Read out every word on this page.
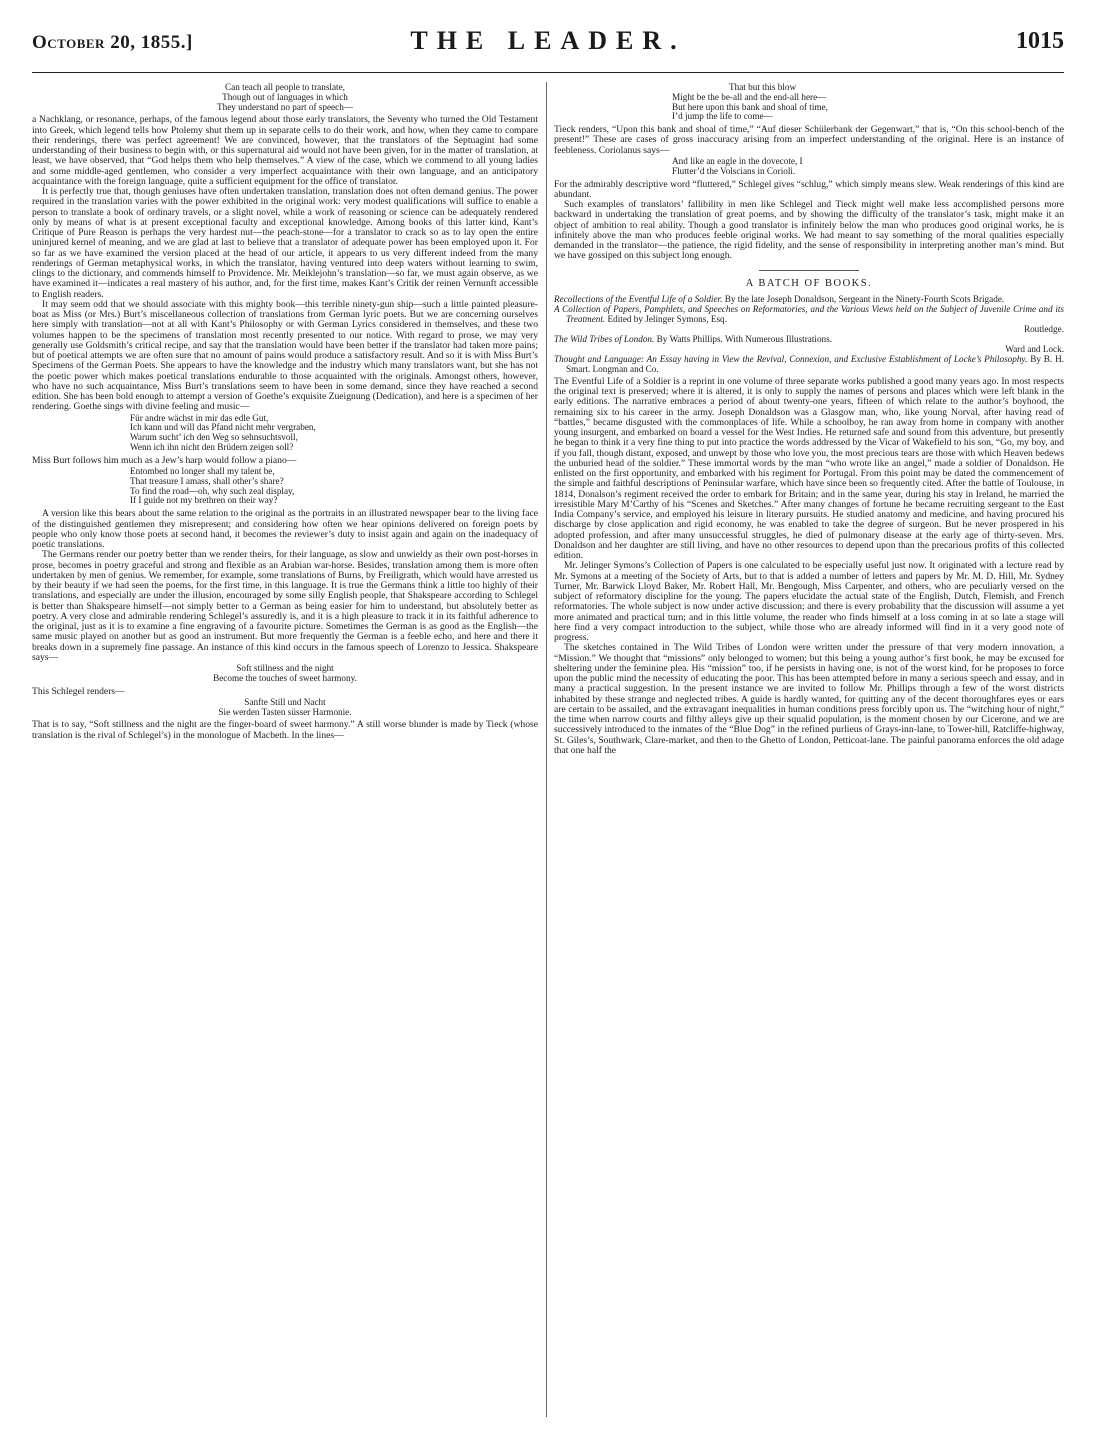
October 20, 1855.]	THE LEADER.	1015
Can teach all people to translate,
Though out of languages in which
They understand no part of speech—

a Nachklang, or resonance, perhaps, of the famous legend about those early translators, the Seventy who turned the Old Testament into Greek, which legend tells how Ptolemy shut them up in separate cells to do their work, and how, when they came to compare their renderings, there was perfect agreement! We are convinced, however, that the translators of the Septuagint had some understanding of their business to begin with, or this supernatural aid would not have been given, for in the matter of translation, at least, we have observed, that “God helps them who help themselves.” A view of the case, which we commend to all young ladies and some middle-aged gentlemen, who consider a very imperfect acquaintance with their own language, and an anticipatory acquaintance with the foreign language, quite a sufficient equipment for the office of translator.

It is perfectly true that, though geniuses have often undertaken translation, translation does not often demand genius. The power required in the translation varies with the power exhibited in the original work: very modest qualifications will suffice to enable a person to translate a book of ordinary travels, or a slight novel, while a work of reasoning or science can be adequately rendered only by means of what is at present exceptional faculty and exceptional knowledge. Among books of this latter kind, Kant’s Critique of Pure Reason is perhaps the very hardest nut—the peach-stone—for a translator to crack so as to lay open the entire uninjured kernel of meaning, and we are glad at last to believe that a translator of adequate power has been employed upon it. For so far as we have examined the version placed at the head of our article, it appears to us very different indeed from the many renderings of German metaphysical works, in which the translator, having ventured into deep waters without learning to swim, clings to the dictionary, and commends himself to Providence. Mr. Meiklejohn’s translation—so far, we must again observe, as we have examined it—indicates a real mastery of his author, and, for the first time, makes Kant’s Critik der reinen Vernunft accessible to English readers.

It may seem odd that we should associate with this mighty book—this terrible ninety-gun ship—such a little painted pleasure-boat as Miss (or Mrs.) Burt’s miscellaneous collection of translations from German lyric poets. But we are concerning ourselves here simply with translation—not at all with Kant’s Philosophy or with German Lyrics considered in themselves, and these two volumes happen to be the specimens of translation most recently presented to our notice. With regard to prose, we may very generally use Goldsmith’s critical recipe, and say that the translation would have been better if the translator had taken more pains; but of poetical attempts we are often sure that no amount of pains would produce a satisfactory result. And so it is with Miss Burt’s Specimens of the German Poets. She appears to have the knowledge and the industry which many translators want, but she has not the poetic power which makes poetical translations endurable to those acquainted with the originals. Amongst others, however, who have no such acquaintance, Miss Burt’s translations seem to have been in some demand, since they have reached a second edition. She has been bold enough to attempt a version of Goethe’s exquisite Zueignung (Dedication), and here is a specimen of her rendering. Goethe sings with divine feeling and music—

Für andre wächst in mir das edle Gut,
Ich kann und will das Pfand nicht mehr vergraben,
Warum sucht’ ich den Weg so sehnsuchtsvoll,
Wenn ich ihn nicht den Brüdern zeigen soll?

Miss Burt follows him much as a Jew’s harp would follow a piano—

Entombed no longer shall my talent be,
That treasure I amass, shall other’s share?
To find the road—oh, why such zeal display,
If I guide not my brethren on their way?

A version like this bears about the same relation to the original as the portraits in an illustrated newspaper bear to the living face of the distinguished gentlemen they misrepresent; and considering how often we hear opinions delivered on foreign poets by people who only know those poets at second hand, it becomes the reviewer’s duty to insist again and again on the inadequacy of poetic translations.

The Germans render our poetry better than we render theirs, for their language, as slow and unwieldy as their own post-horses in prose, becomes in poetry graceful and strong and flexible as an Arabian war-horse. Besides, translation among them is more often undertaken by men of genius. We remember, for example, some translations of Burns, by Freiligrath, which would have arrested us by their beauty if we had seen the poems, for the first time, in this language. It is true the Germans think a little too highly of their translations, and especially are under the illusion, encouraged by some silly English people, that Shakspeare according to Schlegel is better than Shakspeare himself—not simply better to a German as being easier for him to understand, but absolutely better as poetry. A very close and admirable rendering Schlegel’s assuredly is, and it is a high pleasure to track it in its faithful adherence to the original, just as it is to examine a fine engraving of a favourite picture. Sometimes the German is as good as the English—the same music played on another but as good an instrument. But more frequently the German is a feeble echo, and here and there it breaks down in a supremely fine passage. An instance of this kind occurs in the famous speech of Lorenzo to Jessica. Shakspeare says—

Soft stillness and the night
Become the touches of sweet harmony.

This Schlegel renders—

Sanfte Still und Nacht
Sie werden Tasten süsser Harmonie.

That is to say, “Soft stillness and the night are the finger-board of sweet harmony.” A still worse blunder is made by Tieck (whose translation is the rival of Schlegel’s) in the monologue of Macbeth. In the lines—

That but this blow
Might be the be-all and the end-all here—
But here upon this bank and shoal of time,
I’d jump the life to come—

Tieck renders, “Upon this bank and shoal of time,” “Auf dieser Schülerbank der Gegenwart,” that is, “On this school-bench of the present!” These are cases of gross inaccuracy arising from an imperfect understanding of the original. Here is an instance of feebleness. Coriolanus says—

And like an eagle in the dovecote, I
Flutter’d the Volscians in Corioli.

For the admirably descriptive word “fluttered,” Schlegel gives “schlug,” which simply means slew. Weak renderings of this kind are abundant.

Such examples of translators’ fallibility in men like Schlegel and Tieck might well make less accomplished persons more backward in undertaking the translation of great poems, and by showing the difficulty of the translator’s task, might make it an object of ambition to real ability. Though a good translator is infinitely below the man who produces good original works, he is infinitely above the man who produces feeble original works. We had meant to say something of the moral qualities especially demanded in the translator—the patience, the rigid fidelity, and the sense of responsibility in interpreting another man’s mind. But we have gossiped on this subject long enough.

A BATCH OF BOOKS.

Recollections of the Eventful Life of a Soldier. By the late Joseph Donaldson, Sergeant in the Ninety-Fourth Scots Brigade.

A Collection of Papers, Pamphlets, and Speeches on Reformatories, and the Various Views held on the Subject of Juvenile Crime and its Treatment. Edited by Jelinger Symons, Esq.
Routledge.

The Wild Tribes of London. By Watts Phillips. With Numerous Illustrations.
Ward and Lock.

Thought and Language: An Essay having in View the Revival, Connexion, and Exclusive Establishment of Locke’s Philosophy. By B. H. Smart. Longman and Co.

The Eventful Life of a Soldier is a reprint in one volume of three separate works published a good many years ago. In most respects the original text is preserved; where it is altered, it is only to supply the names of persons and places which were left blank in the early editions. The narrative embraces a period of about twenty-one years, fifteen of which relate to the author’s boyhood, the remaining six to his career in the army. Joseph Donaldson was a Glasgow man, who, like young Norval, after having read of “battles,” became disgusted with the commonplaces of life. While a schoolboy, he ran away from home in company with another young insurgent, and embarked on board a vessel for the West Indies. He returned safe and sound from this adventure, but presently he began to think it a very fine thing to put into practice the words addressed by the Vicar of Wakefield to his son, “Go, my boy, and if you fall, though distant, exposed, and unwept by those who love you, the most precious tears are those with which Heaven bedews the unburied head of the soldier.” These immortal words by the man “who wrote like an angel,” made a soldier of Donaldson. He enlisted on the first opportunity, and embarked with his regiment for Portugal. From this point may be dated the commencement of the simple and faithful descriptions of Peninsular warfare, which have since been so frequently cited. After the battle of Toulouse, in 1814, Donalson’s regiment received the order to embark for Britain; and in the same year, during his stay in Ireland, he married the irresistible Mary M’Carthy of his “Scenes and Sketches.” After many changes of fortune he became recruiting sergeant to the East India Company’s service, and employed his leisure in literary pursuits. He studied anatomy and medicine, and having procured his discharge by close application and rigid economy, he was enabled to take the degree of surgeon. But he never prospered in his adopted profession, and after many unsuccessful struggles, he died of pulmonary disease at the early age of thirty-seven. Mrs. Donaldson and her daughter are still living, and have no other resources to depend upon than the precarious profits of this collected edition.

Mr. Jelinger Symons’s Collection of Papers is one calculated to be especially useful just now. It originated with a lecture read by Mr. Symons at a meeting of the Society of Arts, but to that is added a number of letters and papers by Mr. M. D. Hill, Mr. Sydney Turner, Mr. Barwick Lloyd Baker, Mr. Robert Hall, Mr. Bengough, Miss Carpenter, and others, who are peculiarly versed on the subject of reformatory discipline for the young. The papers elucidate the actual state of the English, Dutch, Flemish, and French reformatories. The whole subject is now under active discussion; and there is every probability that the discussion will assume a yet more animated and practical turn; and in this little volume, the reader who finds himself at a loss coming in at so late a stage will here find a very compact introduction to the subject, while those who are already informed will find in it a very good note of progress.

The sketches contained in The Wild Tribes of London were written under the pressure of that very modern innovation, a “Mission.” We thought that “missions” only belonged to women; but this being a young author’s first book, he may be excused for sheltering under the feminine plea. His “mission” too, if he persists in having one, is not of the worst kind, for he proposes to force upon the public mind the necessity of educating the poor. This has been attempted before in many a serious speech and essay, and in many a practical suggestion. In the present instance we are invited to follow Mr. Phillips through a few of the worst districts inhabited by these strange and neglected tribes. A guide is hardly wanted, for quitting any of the decent thoroughfares eyes or ears are certain to be assailed, and the extravagant inequalities in human conditions press forcibly upon us. The “witching hour of night,” the time when narrow courts and filthy alleys give up their squalid population, is the moment chosen by our Cicerone, and we are successively introduced to the inmates of the “Blue Dog” in the refined purlieus of Grays-inn-lane, to Tower-hill, Ratcliffe-highway, St. Giles’s, Southwark, Clare-market, and then to the Ghetto of London, Petticoat-lane. The painful panorama enforces the old adage that one half the
